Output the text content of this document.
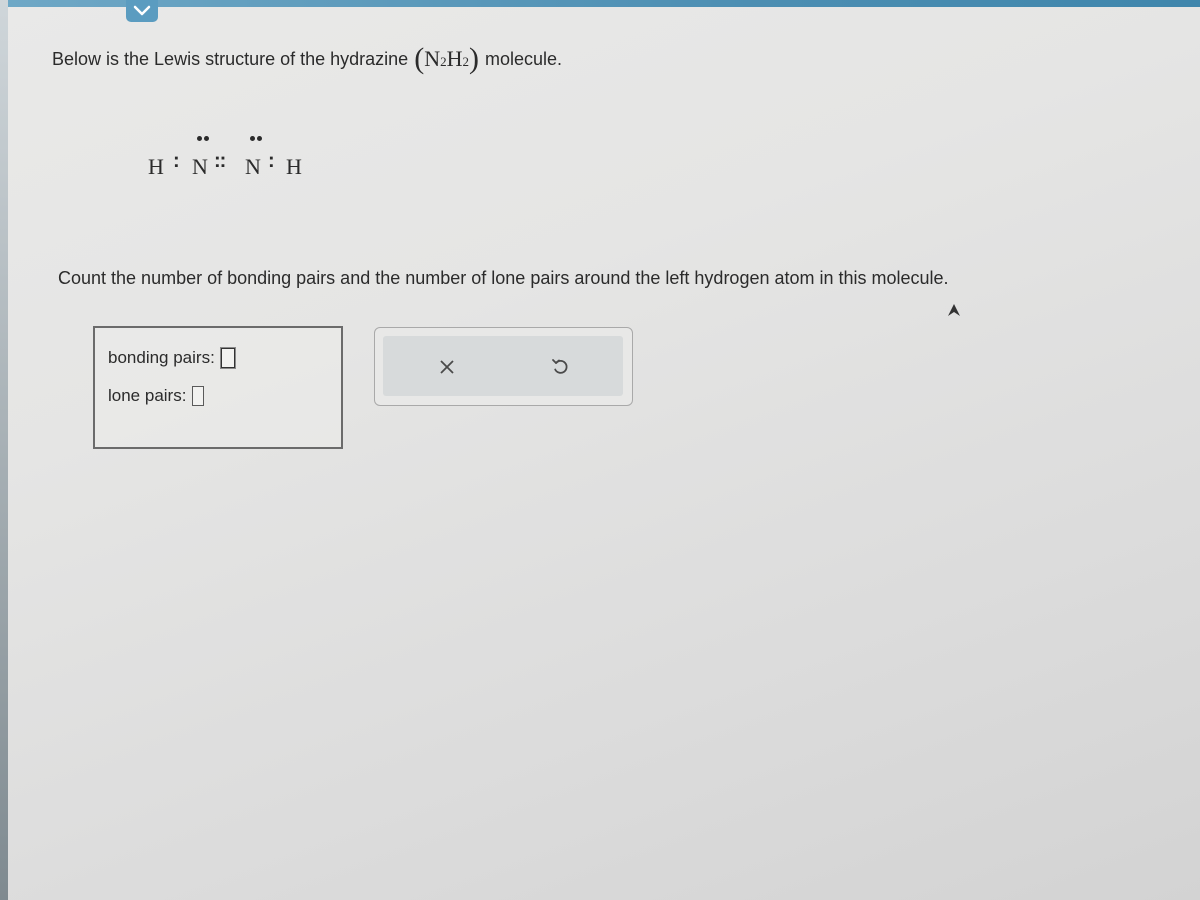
Below is the Lewis structure of the hydrazine ( $N_2$ $H_2$ ) molecule.
H : N :: N : H
Count the number of bonding pairs and the number of lone pairs around the left hydrogen atom in this molecule.
bonding pairs:
lone pairs:
